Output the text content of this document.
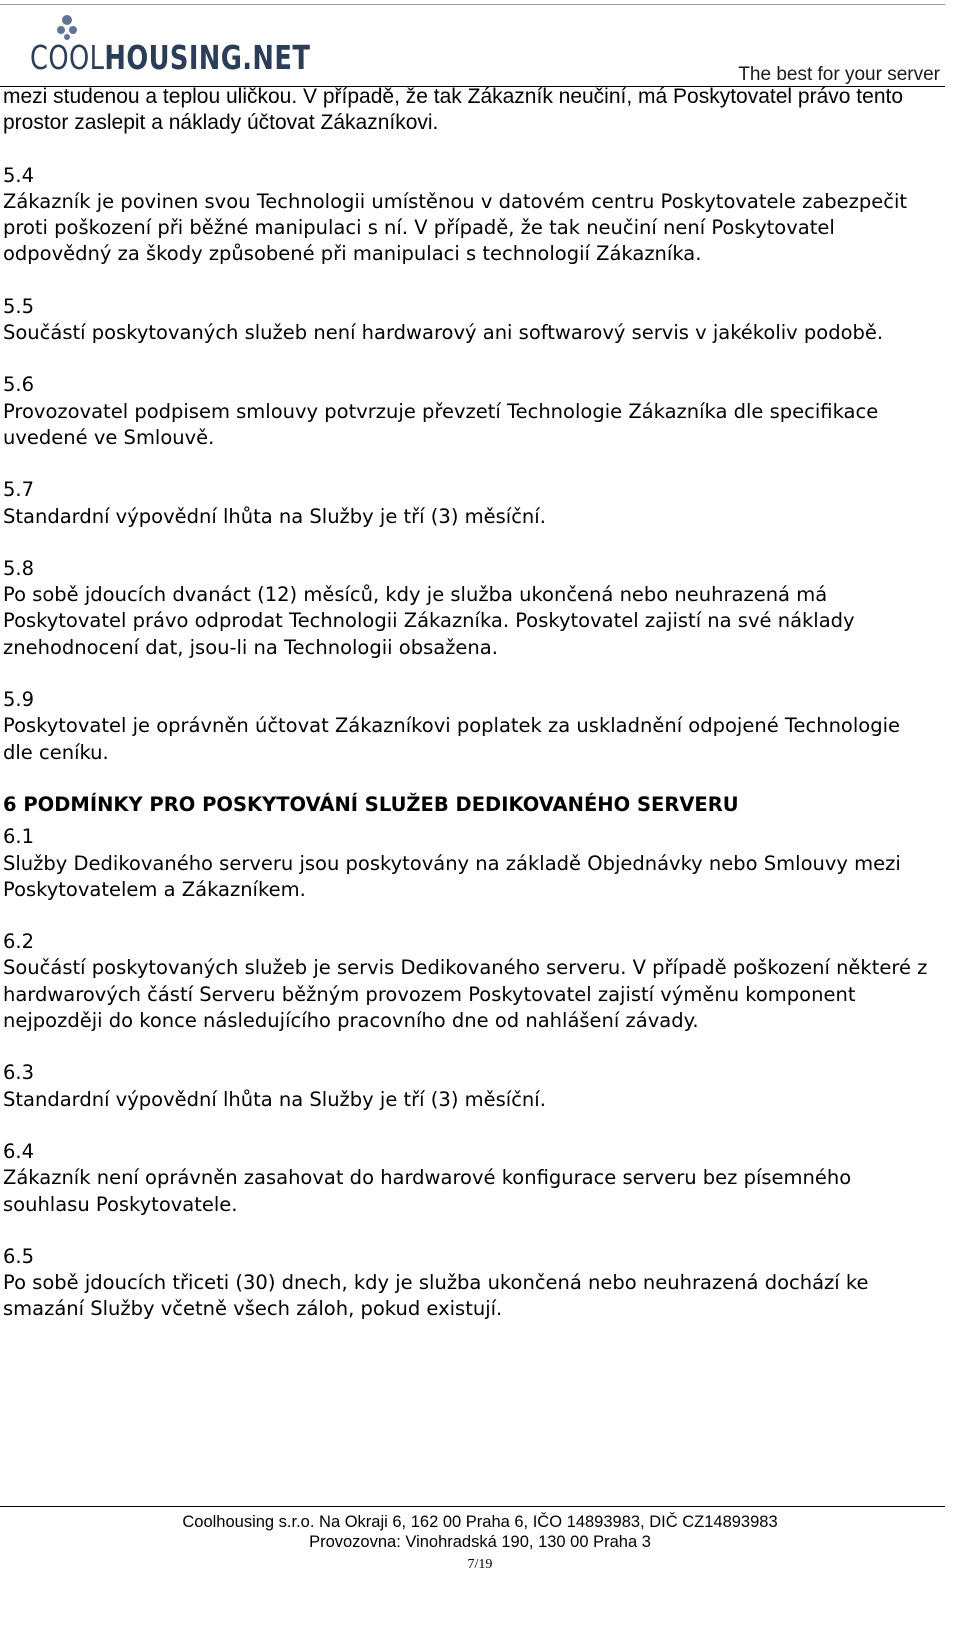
COOLHOUSING.NET	The best for your server

mezi studenou a teplou uličkou. V případě, že tak Zákazník neučiní, má Poskytovatel právo tento prostor zaslepit a náklady účtovat Zákazníkovi.

5.4
Zákazník je povinen svou Technologii umístěnou v datovém centru Poskytovatele zabezpečit proti poškození při běžné manipulaci s ní. V případě, že tak neučiní není Poskytovatel odpovědný za škody způsobené při manipulaci s technologií Zákazníka.

5.5
Součástí poskytovaných služeb není hardwarový ani softwarový servis v jakékoliv podobě.

5.6
Provozovatel podpisem smlouvy potvrzuje převzetí Technologie Zákazníka dle specifikace uvedené ve Smlouvě.

5.7
Standardní výpovědní lhůta na Služby je tří (3) měsíční.

5.8
Po sobě jdoucích dvanáct (12) měsíců, kdy je služba ukončená nebo neuhrazená má Poskytovatel právo odprodat Technologii Zákazníka. Poskytovatel zajistí na své náklady znehodnocení dat, jsou-li na Technologii obsažena.

5.9
Poskytovatel je oprávněn účtovat Zákazníkovi poplatek za uskladnění odpojené Technologie dle ceníku.

6 PODMÍNKY PRO POSKYTOVÁNÍ SLUŽEB DEDIKOVANÉHO SERVERU

6.1
Služby Dedikovaného serveru jsou poskytovány na základě Objednávky nebo Smlouvy mezi Poskytovatelem a Zákazníkem.

6.2
Součástí poskytovaných služeb je servis Dedikovaného serveru. V případě poškození některé z hardwarových částí Serveru běžným provozem Poskytovatel zajistí výměnu komponent nejpozději do konce následujícího pracovního dne od nahlášení závady.

6.3
Standardní výpovědní lhůta na Služby je tří (3) měsíční.

6.4
Zákazník není oprávněn zasahovat do hardwarové konfigurace serveru bez písemného souhlasu Poskytovatele.

6.5
Po sobě jdoucích třiceti (30) dnech, kdy je služba ukončená nebo neuhrazená dochází ke smazání Služby včetně všech záloh, pokud existují.

Coolhousing s.r.o. Na Okraji 6, 162 00 Praha 6, IČO 14893983, DIČ CZ14893983
Provozovna: Vinohradská 190, 130 00 Praha 3
7/19
